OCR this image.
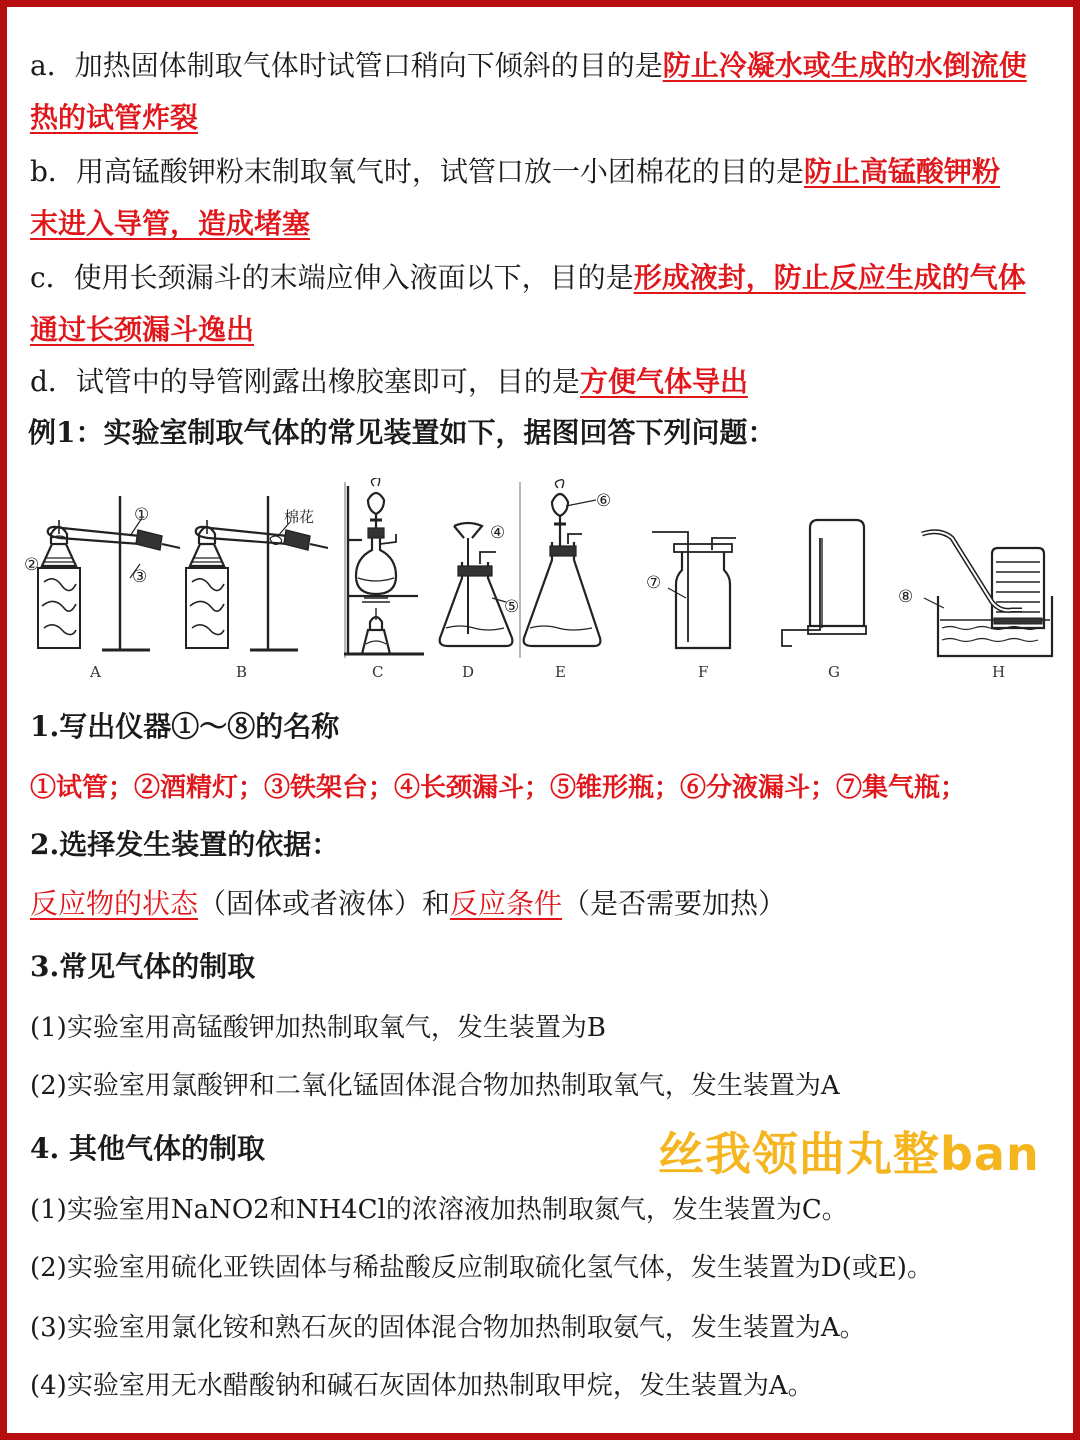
a．加热固体制取气体时试管口稍向下倾斜的目的是防止冷凝水或生成的水倒流使
热的试管炸裂
b．用高锰酸钾粉末制取氧气时，试管口放一小团棉花的目的是防止高锰酸钾粉
末进入导管，造成堵塞
c．使用长颈漏斗的末端应伸入液面以下，目的是形成液封，防止反应生成的气体
通过长颈漏斗逸出
d．试管中的导管刚露出橡胶塞即可，目的是方便气体导出
例1：实验室制取气体的常见装置如下，据图回答下列问题：
①
②
③
A
棉花
B	C
④
⑤
D
⑥
E
⑦
F	G
⑧
H
1.写出仪器①～⑧的名称
①试管；②酒精灯；③铁架台；④长颈漏斗；⑤锥形瓶；⑥分液漏斗；⑦集气瓶；
2.选择发生装置的依据：
反应物的状态（固体或者液体）和反应条件（是否需要加热）
3.常见气体的制取
(1)实验室用高锰酸钾加热制取氧气，发生装置为B
(2)实验室用氯酸钾和二氧化锰固体混合物加热制取氧气，发生装置为A
4. 其他气体的制取	丝我领曲丸整ban
(1)实验室用NaNO2和NH4Cl的浓溶液加热制取氮气，发生装置为C。
(2)实验室用硫化亚铁固体与稀盐酸反应制取硫化氢气体，发生装置为D(或E)。
(3)实验室用氯化铵和熟石灰的固体混合物加热制取氨气，发生装置为A。
(4)实验室用无水醋酸钠和碱石灰固体加热制取甲烷，发生装置为A。
